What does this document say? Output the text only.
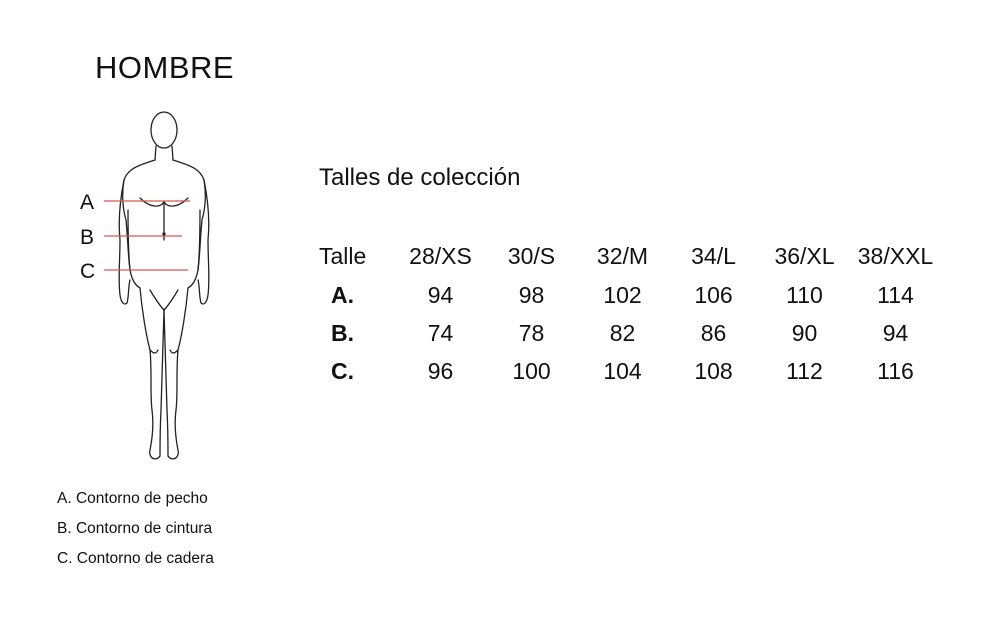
HOMBRE
A
B
C
A. Contorno de pecho
B. Contorno de cintura
C. Contorno de cadera
Talles de colección
Talle	28/XS	30/S	32/M	34/L	36/XL	38/XXL
A.	94	98	102	106	110	114
B.	74	78	82	86	90	94
C.	96	100	104	108	112	116
